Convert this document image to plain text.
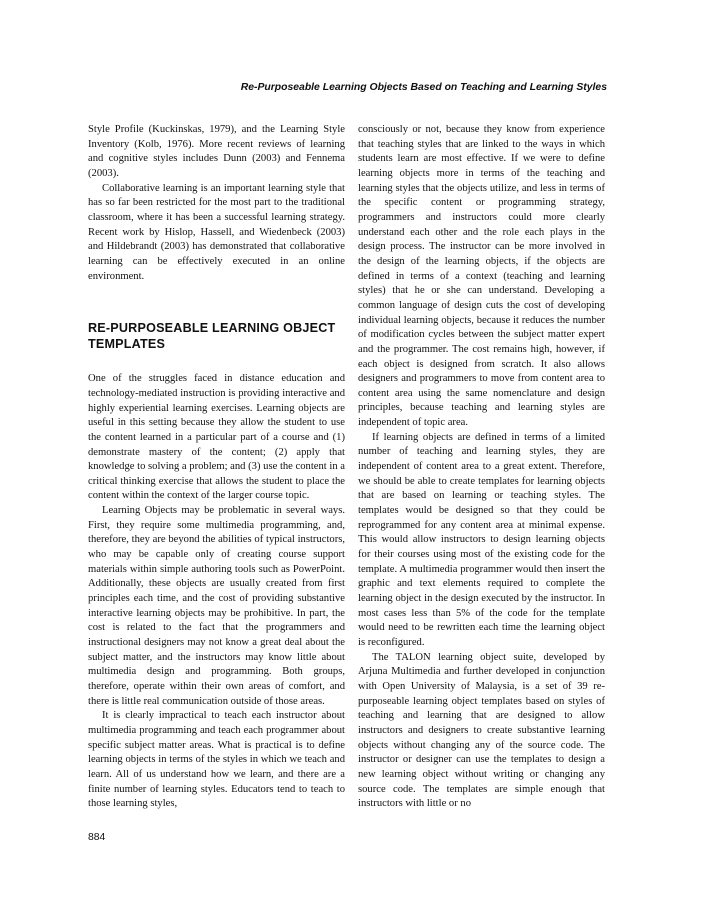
Re-Purposeable Learning Objects Based on Teaching and Learning Styles

Style Profile (Kuckinskas, 1979), and the Learning Style Inventory (Kolb, 1976). More recent reviews of learning and cognitive styles includes Dunn (2003) and Fennema (2003).

Collaborative learning is an important learning style that has so far been restricted for the most part to the traditional classroom, where it has been a successful learning strategy. Recent work by Hislop, Hassell, and Wiedenbeck (2003) and Hildebrandt (2003) has demonstrated that collaborative learning can be effectively executed in an online environment.

RE-PURPOSEABLE LEARNING OBJECT TEMPLATES

One of the struggles faced in distance education and technology-mediated instruction is providing interactive and highly experiential learning exercises. Learning objects are useful in this setting because they allow the student to use the content learned in a particular part of a course and (1) demonstrate mastery of the content; (2) apply that knowledge to solving a problem; and (3) use the content in a critical thinking exercise that allows the student to place the content within the context of the larger course topic.

Learning Objects may be problematic in several ways. First, they require some multimedia programming, and, therefore, they are beyond the abilities of typical instructors, who may be capable only of creating course support materials within simple authoring tools such as PowerPoint. Additionally, these objects are usually created from first principles each time, and the cost of providing substantive interactive learning objects may be prohibitive. In part, the cost is related to the fact that the programmers and instructional designers may not know a great deal about the subject matter, and the instructors may know little about multimedia design and programming. Both groups, therefore, operate within their own areas of comfort, and there is little real communication outside of those areas.

It is clearly impractical to teach each instructor about multimedia programming and teach each programmer about specific subject matter areas. What is practical is to define learning objects in terms of the styles in which we teach and learn. All of us understand how we learn, and there are a finite number of learning styles. Educators tend to teach to those learning styles,

consciously or not, because they know from experience that teaching styles that are linked to the ways in which students learn are most effective. If we were to define learning objects more in terms of the teaching and learning styles that the objects utilize, and less in terms of the specific content or programming strategy, programmers and instructors could more clearly understand each other and the role each plays in the design process. The instructor can be more involved in the design of the learning objects, if the objects are defined in terms of a context (teaching and learning styles) that he or she can understand. Developing a common language of design cuts the cost of developing individual learning objects, because it reduces the number of modification cycles between the subject matter expert and the programmer. The cost remains high, however, if each object is designed from scratch. It also allows designers and programmers to move from content area to content area using the same nomenclature and design principles, because teaching and learning styles are independent of topic area.

If learning objects are defined in terms of a limited number of teaching and learning styles, they are independent of content area to a great extent. Therefore, we should be able to create templates for learning objects that are based on learning or teaching styles. The templates would be designed so that they could be reprogrammed for any content area at minimal expense. This would allow instructors to design learning objects for their courses using most of the existing code for the template. A multimedia programmer would then insert the graphic and text elements required to complete the learning object in the design executed by the instructor. In most cases less than 5% of the code for the template would need to be rewritten each time the learning object is reconfigured.

The TALON learning object suite, developed by Arjuna Multimedia and further developed in conjunction with Open University of Malaysia, is a set of 39 re-purposeable learning object templates based on styles of teaching and learning that are designed to allow instructors and designers to create substantive learning objects without changing any of the source code. The instructor or designer can use the templates to design a new learning object without writing or changing any source code. The templates are simple enough that instructors with little or no

884
